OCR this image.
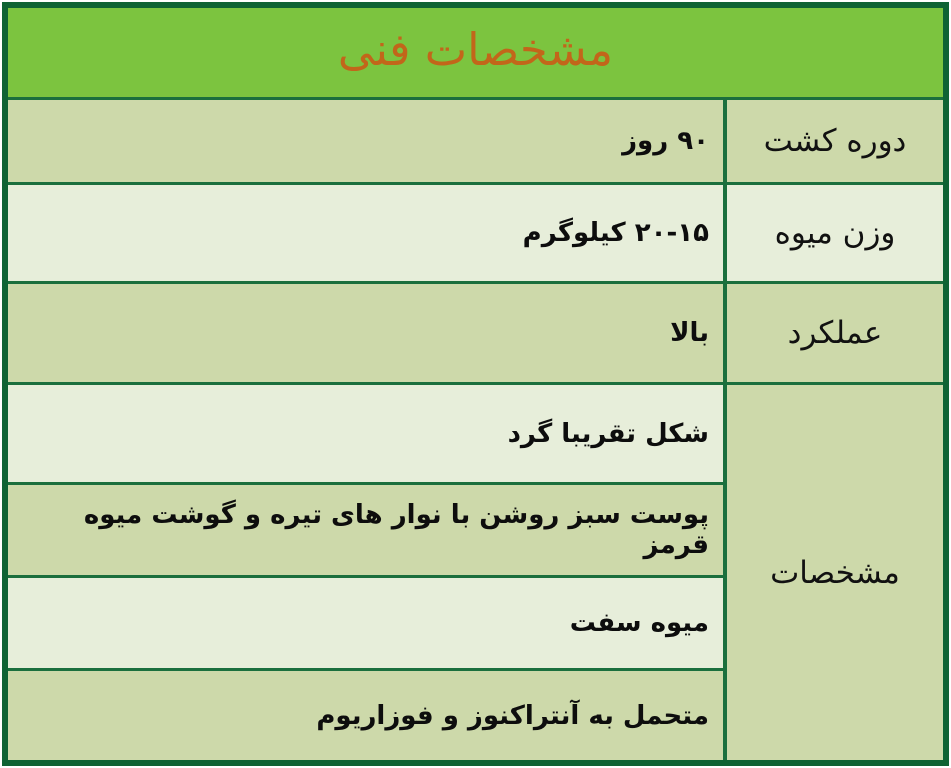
مشخصات فنی
دوره کشت
۹۰ روز
وزن میوه
۱۵‏-‏۲۰ کیلوگرم
عملکرد
بالا
مشخصات
شکل تقریبا گرد
پوست سبز روشن با نوار های تیره و گوشت میوه قرمز
میوه سفت
متحمل به آنتراکنوز و فوزاریوم
